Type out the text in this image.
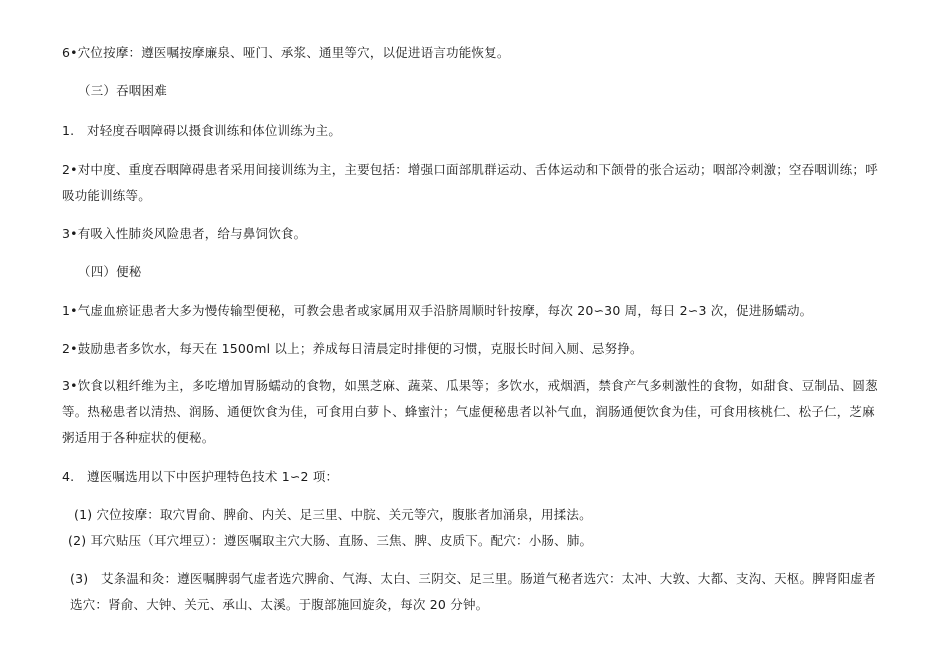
6•穴位按摩：遵医嘱按摩廉泉、哑门、承浆、通里等穴，以促进语言功能恢复。
（三）吞咽困难
1.　对轻度吞咽障碍以摄食训练和体位训练为主。
2•对中度、重度吞咽障碍患者采用间接训练为主，主要包括：增强口面部肌群运动、舌体运动和下颌骨的张合运动；咽部冷刺激；空吞咽训练；呼吸功能训练等。
3•有吸入性肺炎风险患者，给与鼻饲饮食。
（四）便秘
1•气虚血瘀证患者大多为慢传输型便秘，可教会患者或家属用双手沿脐周顺时针按摩，每次 20∽30 周，每日 2∽3 次，促进肠蠕动。
2•鼓励患者多饮水，每天在 1500ml 以上；养成每日清晨定时排便的习惯，克服长时间入厕、忌努挣。
3•饮食以粗纤维为主，多吃增加胃肠蠕动的食物，如黑芝麻、蔬菜、瓜果等；多饮水，戒烟酒，禁食产气多刺激性的食物，如甜食、豆制品、圆葱等。热秘患者以清热、润肠、通便饮食为佳，可食用白萝卜、蜂蜜汁；气虚便秘患者以补气血，润肠通便饮食为佳，可食用核桃仁、松子仁，芝麻粥适用于各种症状的便秘。
4.　遵医嘱选用以下中医护理特色技术 1∽2 项：
(1) 穴位按摩：取穴胃俞、脾俞、内关、足三里、中脘、关元等穴，腹胀者加涌泉，用揉法。
(2) 耳穴贴压（耳穴埋豆）：遵医嘱取主穴大肠、直肠、三焦、脾、皮质下。配穴：小肠、肺。
(3)　艾条温和灸：遵医嘱脾弱气虚者选穴脾俞、气海、太白、三阴交、足三里。肠道气秘者选穴：太冲、大敦、大都、支沟、天枢。脾肾阳虚者选穴：肾俞、大钟、关元、承山、太溪。于腹部施回旋灸，每次 20 分钟。
